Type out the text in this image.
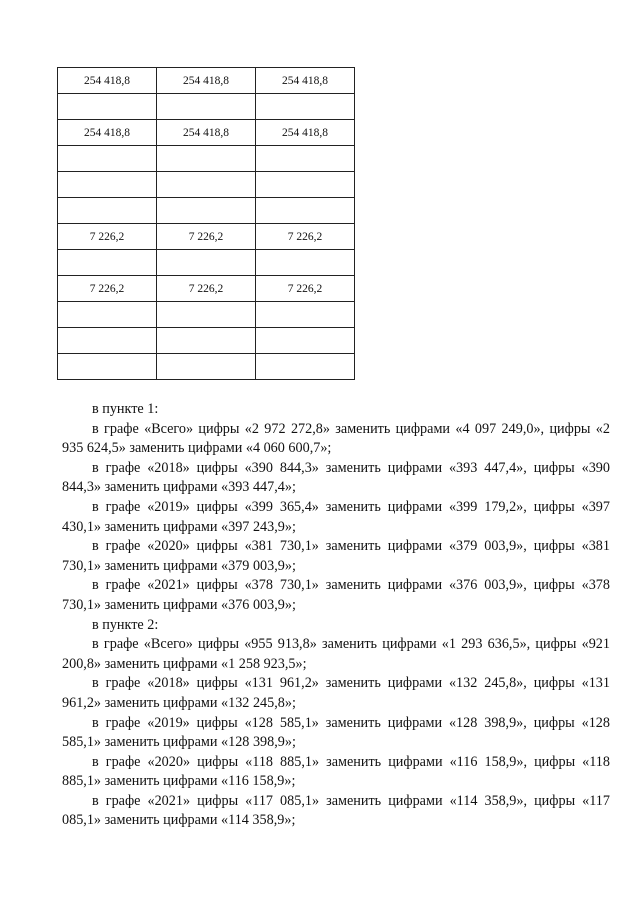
254 418,8	254 418,8	254 418,8

254 418,8	254 418,8	254 418,8

7 226,2	7 226,2	7 226,2

7 226,2	7 226,2	7 226,2

в пункте 1:

в графе «Всего» цифры «2 972 272,8» заменить цифрами «4 097 249,0», цифры «2 935 624,5» заменить цифрами «4 060 600,7»;

в графе «2018» цифры «390 844,3» заменить цифрами «393 447,4», цифры «390 844,3» заменить цифрами «393 447,4»;

в графе «2019» цифры «399 365,4» заменить цифрами «399 179,2», цифры «397 430,1» заменить цифрами «397 243,9»;

в графе «2020» цифры «381 730,1» заменить цифрами «379 003,9», цифры «381 730,1» заменить цифрами «379 003,9»;

в графе «2021» цифры «378 730,1» заменить цифрами «376 003,9», цифры «378 730,1» заменить цифрами «376 003,9»;

в пункте 2:

в графе «Всего» цифры «955 913,8» заменить цифрами «1 293 636,5», цифры «921 200,8» заменить цифрами «1 258 923,5»;

в графе «2018» цифры «131 961,2» заменить цифрами «132 245,8», цифры «131 961,2» заменить цифрами «132 245,8»;

в графе «2019» цифры «128 585,1» заменить цифрами «128 398,9», цифры «128 585,1» заменить цифрами «128 398,9»;

в графе «2020» цифры «118 885,1» заменить цифрами «116 158,9», цифры «118 885,1» заменить цифрами «116 158,9»;

в графе «2021» цифры «117 085,1» заменить цифрами «114 358,9», цифры «117 085,1» заменить цифрами «114 358,9»;
